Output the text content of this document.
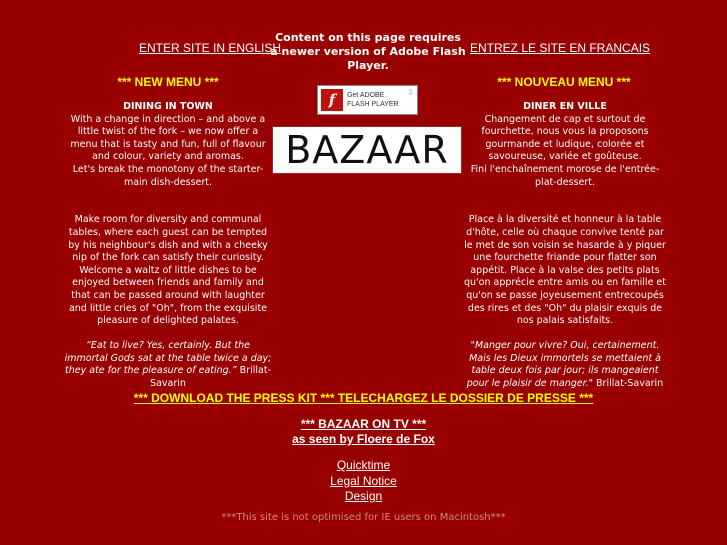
ENTER SITE IN ENGLISH	ENTREZ LE SITE EN FRANCAIS
Content on this page requires a newer version of Adobe Flash Player.
f	Get ADOBE
FLASH PLAYER
⇩
BAZAAR
*** NEW MENU ***	*** NOUVEAU MENU ***

DINING IN TOWN

With a change in direction – and above a little twist of the fork – we now offer a menu that is tasty and fun, full of flavour and colour, variety and aromas.

Let's break the monotony of the starter-main dish-dessert.

Make room for diversity and communal tables, where each guest can be tempted by his neighbour's dish and with a cheeky nip of the fork can satisfy their curiosity.

Welcome a waltz of little dishes to be enjoyed between friends and family and that can be passed around with laughter and little cries of "Oh", from the exquisite pleasure of delighted palates.

“Eat to live? Yes, certainly. But the immortal Gods sat at the table twice a day; they ate for the pleasure of eating.” Brillat-Savarin

DINER EN VILLE

Changement de cap et surtout de fourchette, nous vous la proposons gourmande et ludique, colorée et savoureuse, variée et goûteuse.

Fini l'enchaînement morose de l'entrée-plat-dessert.

Place à la diversité et honneur à la table d'hôte, celle où chaque convive tenté par le met de son voisin se hasarde à y piquer une fourchette friande pour flatter son appétit. Place à la valse des petits plats qu'on apprécie entre amis ou en famille et qu'on se passe joyeusement entrecoupés des rires et des "Oh" du plaisir exquis de nos palais satisfaits.

"Manger pour vivre? Oui, certainement. Mais les Dieux immortels se mettaient à table deux fois par jour; ils mangeaient pour le plaisir de manger." Brillat-Savarin

*** DOWNLOAD THE PRESS KIT *** TELECHARGEZ LE DOSSIER DE PRESSE ***
*** BAZAAR ON TV ***
as seen by Floere de Fox
Quicktime
Legal Notice
Design
***This site is not optimised for IE users on Macintosh***
